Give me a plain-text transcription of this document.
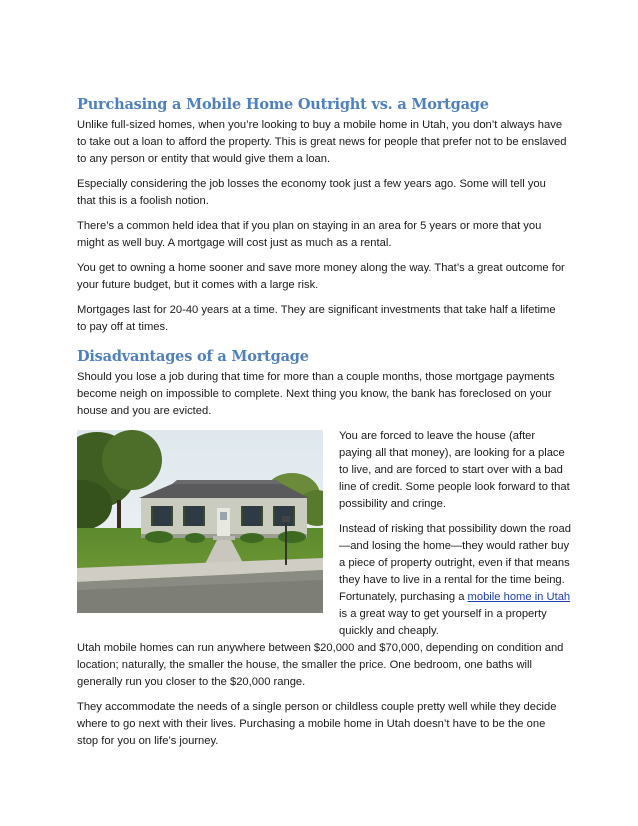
Purchasing a Mobile Home Outright vs. a Mortgage

Unlike full-sized homes, when you’re looking to buy a mobile home in Utah, you don’t always have to take out a loan to afford the property. This is great news for people that prefer not to be enslaved to any person or entity that would give them a loan.

Especially considering the job losses the economy took just a few years ago. Some will tell you that this is a foolish notion.

There’s a common held idea that if you plan on staying in an area for 5 years or more that you might as well buy. A mortgage will cost just as much as a rental.

You get to owning a home sooner and save more money along the way. That’s a great outcome for your future budget, but it comes with a large risk.

Mortgages last for 20-40 years at a time. They are significant investments that take half a lifetime to pay off at times.

Disadvantages of a Mortgage

Should you lose a job during that time for more than a couple months, those mortgage payments become neigh on impossible to complete. Next thing you know, the bank has foreclosed on your house and you are evicted.

You are forced to leave the house (after paying all that money), are looking for a place to live, and are forced to start over with a bad line of credit. Some people look forward to that possibility and cringe.

Instead of risking that possibility down the road—and losing the home—they would rather buy a piece of property outright, even if that means they have to live in a rental for the time being. Fortunately, purchasing a mobile home in Utah is a great way to get yourself in a property quickly and cheaply.

Utah mobile homes can run anywhere between $20,000 and $70,000, depending on condition and location; naturally, the smaller the house, the smaller the price. One bedroom, one baths will generally run you closer to the $20,000 range.

They accommodate the needs of a single person or childless couple pretty well while they decide where to go next with their lives. Purchasing a mobile home in Utah doesn’t have to be the one stop for you on life’s journey.
